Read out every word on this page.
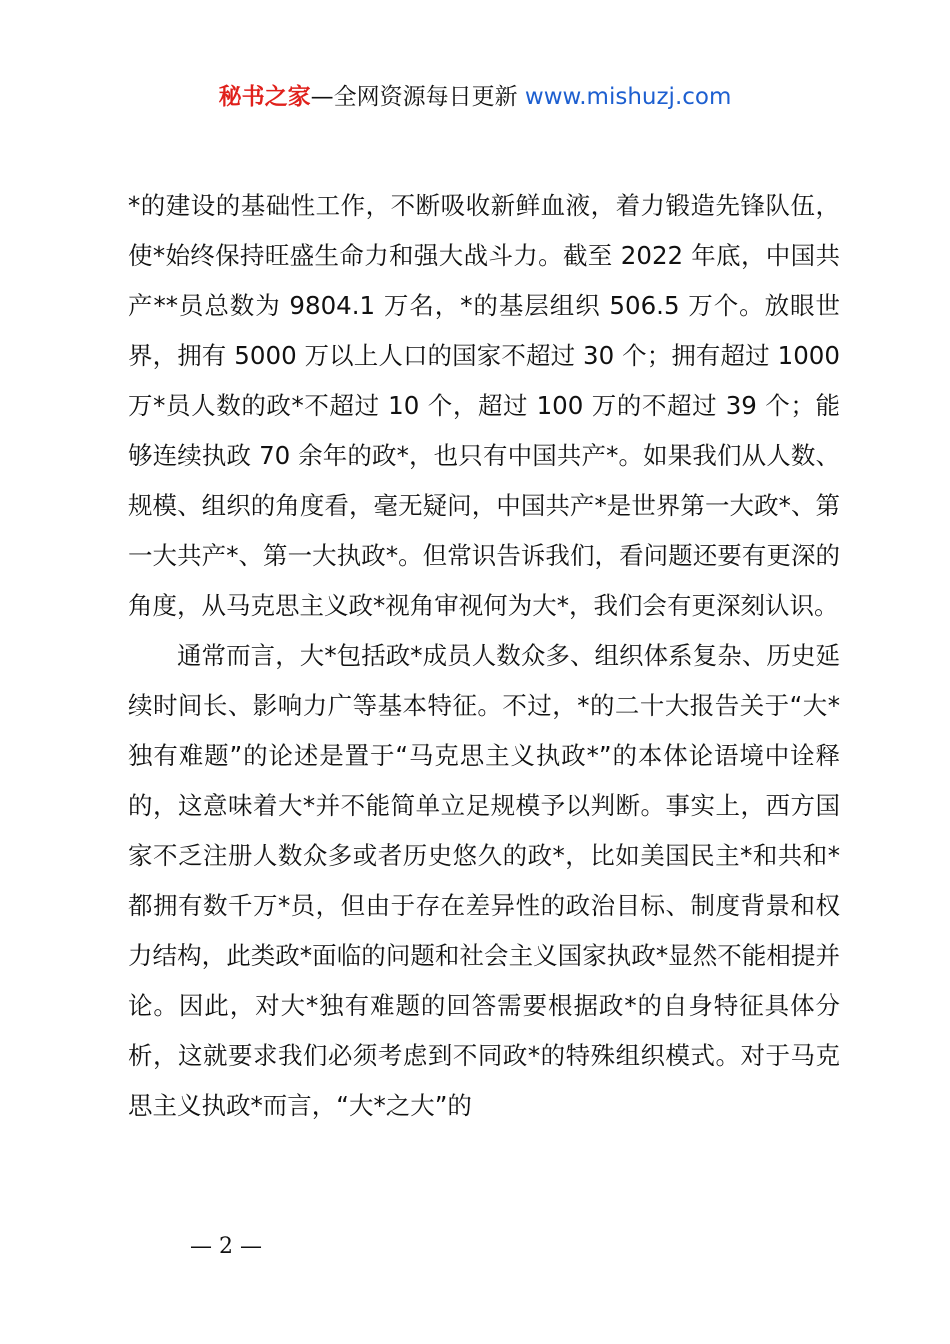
秘书之家—全网资源每日更新 www.mishuzj.com

*的建设的基础性工作，不断吸收新鲜血液，着力锻造先锋队伍，使*始终保持旺盛生命力和强大战斗力。截至 2022 年底，中国共产**员总数为 9804.1 万名，*的基层组织 506.5 万个。放眼世界，拥有 5000 万以上人口的国家不超过 30 个；拥有超过 1000 万*员人数的政*不超过 10 个，超过 100 万的不超过 39 个；能够连续执政 70 余年的政*，也只有中国共产*。如果我们从人数、规模、组织的角度看，毫无疑问，中国共产*是世界第一大政*、第一大共产*、第一大执政*。但常识告诉我们，看问题还要有更深的角度，从马克思主义政*视角审视何为大*，我们会有更深刻认识。

通常而言，大*包括政*成员人数众多、组织体系复杂、历史延续时间长、影响力广等基本特征。不过，*的二十大报告关于“大*独有难题”的论述是置于“马克思主义执政*”的本体论语境中诠释的，这意味着大*并不能简单立足规模予以判断。事实上，西方国家不乏注册人数众多或者历史悠久的政*，比如美国民主*和共和*都拥有数千万*员，但由于存在差异性的政治目标、制度背景和权力结构，此类政*面临的问题和社会主义国家执政*显然不能相提并论。因此，对大*独有难题的回答需要根据政*的自身特征具体分析，这就要求我们必须考虑到不同政*的特殊组织模式。对于马克思主义执政*而言，“大*之大”的

— 2 —
